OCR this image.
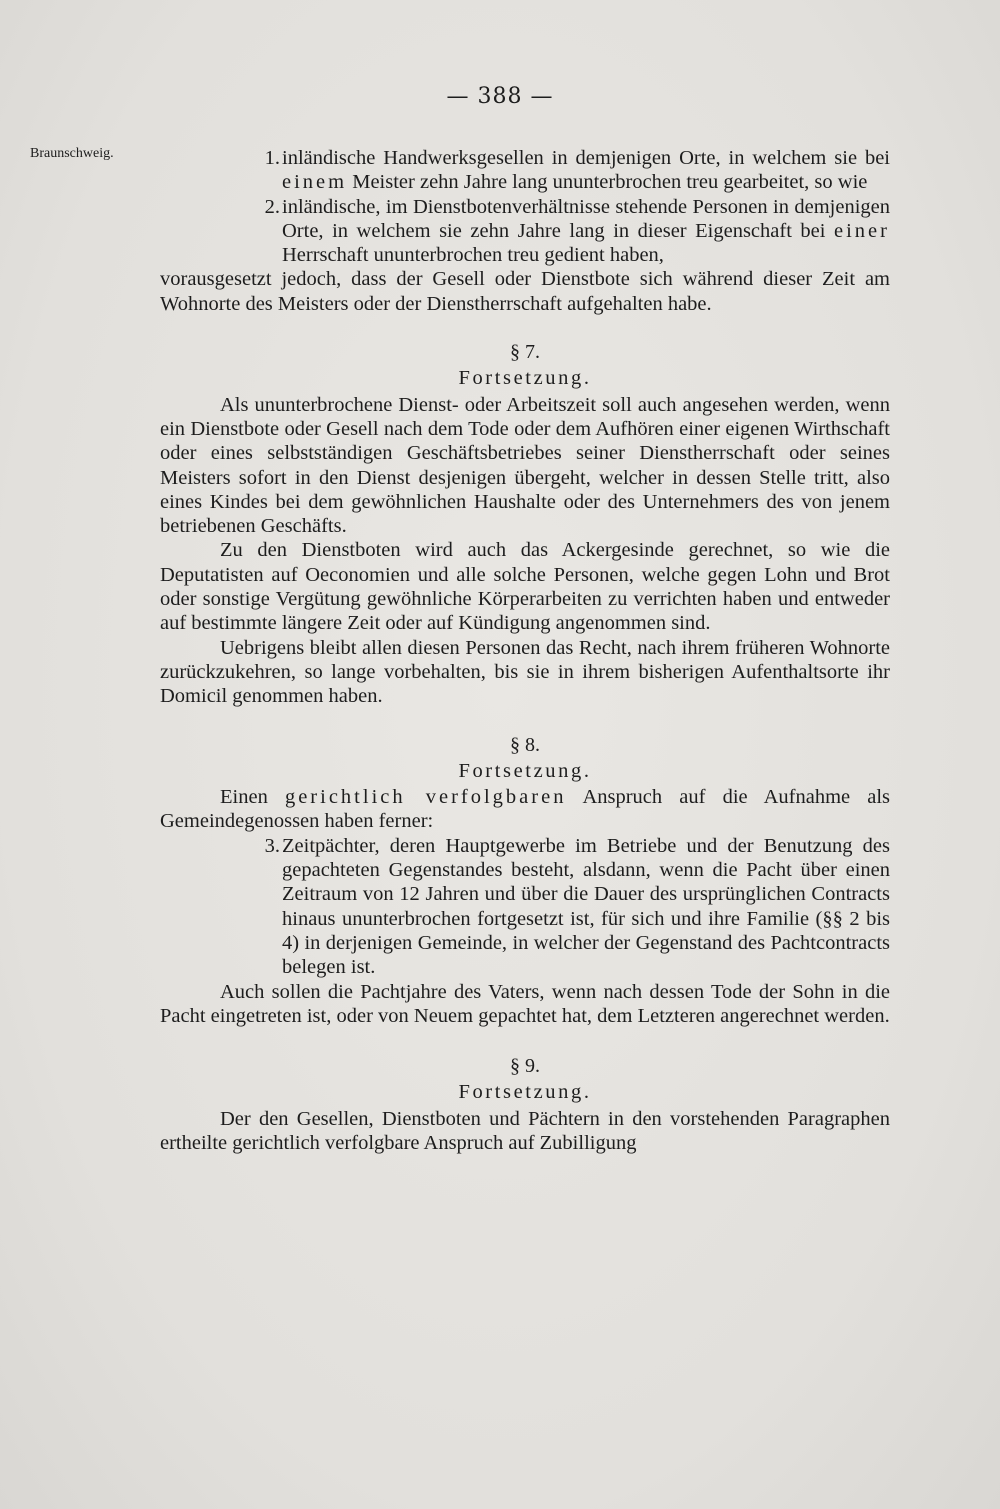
— 388 —
Braunschweig.	1. inländische Handwerksgesellen in demjenigen Orte, in welchem sie bei einem Meister zehn Jahre lang ununterbrochen treu gearbeitet, so wie

2. inländische, im Dienstbotenverhältnisse stehende Personen in demjenigen Orte, in welchem sie zehn Jahre lang in dieser Eigenschaft bei einer Herrschaft ununterbrochen treu gedient haben,

vorausgesetzt jedoch, dass der Gesell oder Dienstbote sich während dieser Zeit am Wohnorte des Meisters oder der Dienstherrschaft aufgehalten habe.

§ 7.
Fortsetzung.

Als ununterbrochene Dienst- oder Arbeitszeit soll auch angesehen werden, wenn ein Dienstbote oder Gesell nach dem Tode oder dem Aufhören einer eigenen Wirthschaft oder eines selbstständigen Geschäftsbetriebes seiner Dienstherrschaft oder seines Meisters sofort in den Dienst desjenigen übergeht, welcher in dessen Stelle tritt, also eines Kindes bei dem gewöhnlichen Haushalte oder des Unternehmers des von jenem betriebenen Geschäfts.

Zu den Dienstboten wird auch das Ackergesinde gerechnet, so wie die Deputatisten auf Oeconomien und alle solche Personen, welche gegen Lohn und Brot oder sonstige Vergütung gewöhnliche Körperarbeiten zu verrichten haben und entweder auf bestimmte längere Zeit oder auf Kündigung angenommen sind.

Uebrigens bleibt allen diesen Personen das Recht, nach ihrem früheren Wohnorte zurückzukehren, so lange vorbehalten, bis sie in ihrem bisherigen Aufenthaltsorte ihr Domicil genommen haben.

§ 8.
Fortsetzung.

Einen gerichtlich verfolgbaren Anspruch auf die Aufnahme als Gemeindegenossen haben ferner:

3. Zeitpächter, deren Hauptgewerbe im Betriebe und der Benutzung des gepachteten Gegenstandes besteht, alsdann, wenn die Pacht über einen Zeitraum von 12 Jahren und über die Dauer des ursprünglichen Contracts hinaus ununterbrochen fortgesetzt ist, für sich und ihre Familie (§§ 2 bis 4) in derjenigen Gemeinde, in welcher der Gegenstand des Pachtcontracts belegen ist.

Auch sollen die Pachtjahre des Vaters, wenn nach dessen Tode der Sohn in die Pacht eingetreten ist, oder von Neuem gepachtet hat, dem Letzteren angerechnet werden.

§ 9.
Fortsetzung.

Der den Gesellen, Dienstboten und Pächtern in den vorstehenden Paragraphen ertheilte gerichtlich verfolgbare Anspruch auf Zubilligung
